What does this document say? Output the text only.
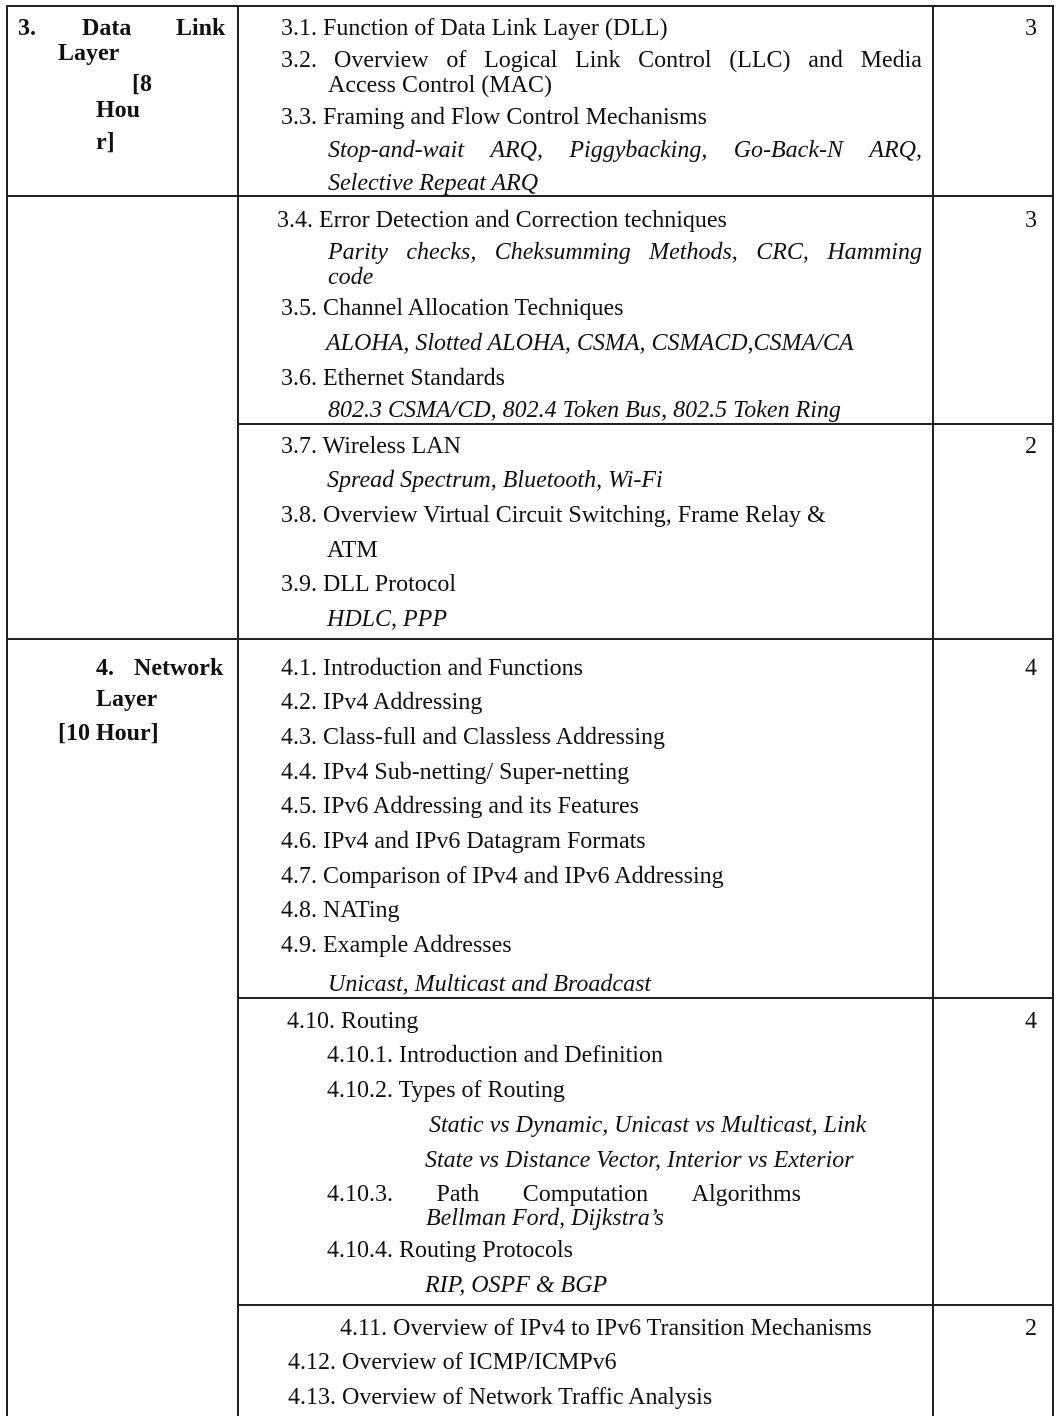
3. Data Link
Layer
[8
Hou
r]
4. Network
Layer
[10 Hour]
3
3
2
4
4
2
3.1. Function of Data Link Layer (DLL)
3.2. Overview of Logical Link Control (LLC) and Media
Access Control (MAC)
3.3. Framing and Flow Control Mechanisms
Stop-and-wait ARQ, Piggybacking, Go-Back-N ARQ,
Selective Repeat ARQ
3.4. Error Detection and Correction techniques
Parity checks, Cheksumming Methods, CRC, Hamming
code
3.5. Channel Allocation Techniques
ALOHA, Slotted ALOHA, CSMA, CSMACD,CSMA/CA
3.6. Ethernet Standards
802.3 CSMA/CD, 802.4 Token Bus, 802.5 Token Ring
3.7. Wireless LAN
Spread Spectrum, Bluetooth, Wi-Fi
3.8. Overview Virtual Circuit Switching, Frame Relay &
ATM
3.9. DLL Protocol
HDLC, PPP
4.1. Introduction and Functions
4.2. IPv4 Addressing
4.3. Class-full and Classless Addressing
4.4. IPv4 Sub-netting/ Super-netting
4.5. IPv6 Addressing and its Features
4.6. IPv4 and IPv6 Datagram Formats
4.7. Comparison of IPv4 and IPv6 Addressing
4.8. NATing
4.9. Example Addresses
Unicast, Multicast and Broadcast
4.10. Routing
4.10.1. Introduction and Definition
4.10.2. Types of Routing
Static vs Dynamic, Unicast vs Multicast, Link
State vs Distance Vector, Interior vs Exterior
4.10.3. Path Computation Algorithms
Bellman Ford, Dijkstra’s
4.10.4. Routing Protocols
RIP, OSPF & BGP
4.11. Overview of IPv4 to IPv6 Transition Mechanisms
4.12. Overview of ICMP/ICMPv6
4.13. Overview of Network Traffic Analysis
